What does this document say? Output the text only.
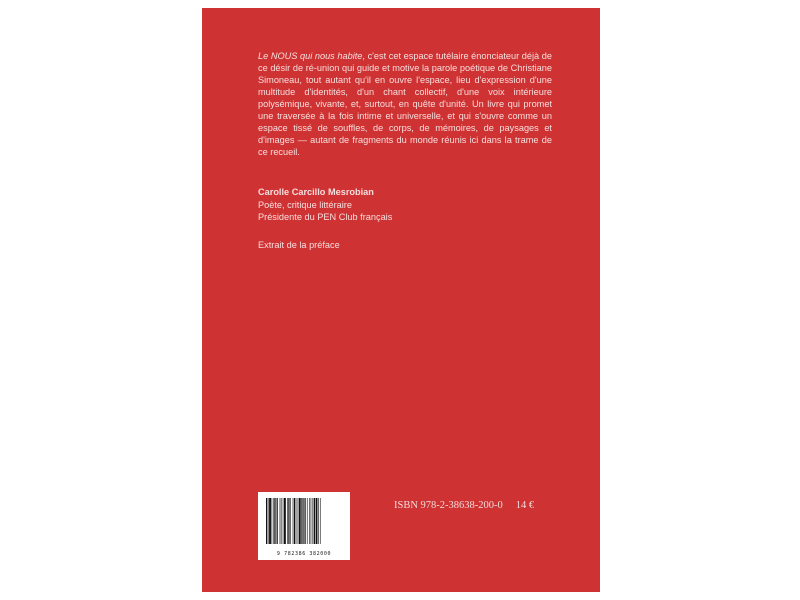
Le NOUS qui nous habite, c'est cet espace tutélaire énonciateur déjà de ce désir de ré-union qui guide et motive la parole poétique de Christiane Simoneau, tout autant qu'il en ouvre l'espace, lieu d'expression d'une multitude d'identités, d'un chant collectif, d'une voix intérieure polysémique, vivante, et, surtout, en quête d'unité. Un livre qui promet une traversée à la fois intime et universelle, et qui s'ouvre comme un espace tissé de souffles, de corps, de mémoires, de paysages et d'images — autant de fragments du monde réunis ici dans la trame de ce recueil.

Carolle Carcillo Mesrobian
Poète, critique littéraire
Présidente du PEN Club français
Extrait de la préface
9 782386 382000
ISBN 978-2-38638-200-0 14 €
